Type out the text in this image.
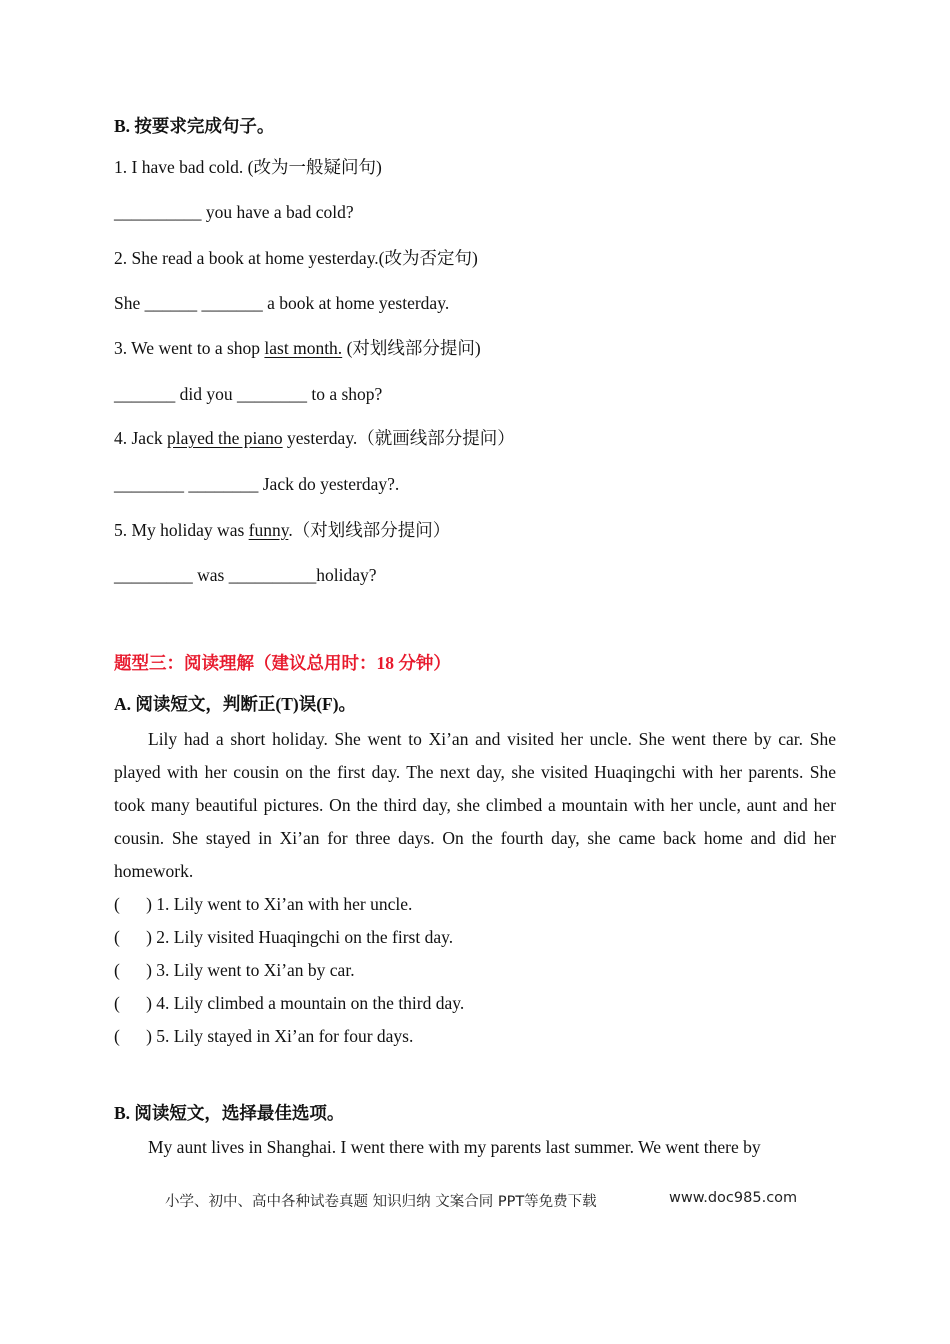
B. 按要求完成句子。
1. I have bad cold. (改为一般疑问句)
__________ you have a bad cold?
2. She read a book at home yesterday.(改为否定句)
She ______ _______ a book at home yesterday.
3. We went to a shop last month. (对划线部分提问)
_______ did you ________ to a shop?
4. Jack played the piano yesterday.（就画线部分提问）
________ ________ Jack do yesterday?.
5. My holiday was funny.（对划线部分提问）
_________ was __________holiday?
题型三：阅读理解（建议总用时：18 分钟）
A. 阅读短文，判断正(T)误(F)。
Lily had a short holiday. She went to Xi’an and visited her uncle. She went there by car. She played with her cousin on the first day. The next day, she visited Huaqingchi with her parents. She took many beautiful pictures. On the third day, she climbed a mountain with her uncle, aunt and her cousin. She stayed in Xi’an for three days. On the fourth day, she came back home and did her homework.
(      ) 1. Lily went to Xi’an with her uncle.
(      ) 2. Lily visited Huaqingchi on the first day.
(      ) 3. Lily went to Xi’an by car.
(      ) 4. Lily climbed a mountain on the third day.
(      ) 5. Lily stayed in Xi’an for four days.
B. 阅读短文，选择最佳选项。
My aunt lives in Shanghai. I went there with my parents last summer. We went there by
小学、初中、高中各种试卷真题 知识归纳 文案合同 PPT等免费下载	www.doc985.com
